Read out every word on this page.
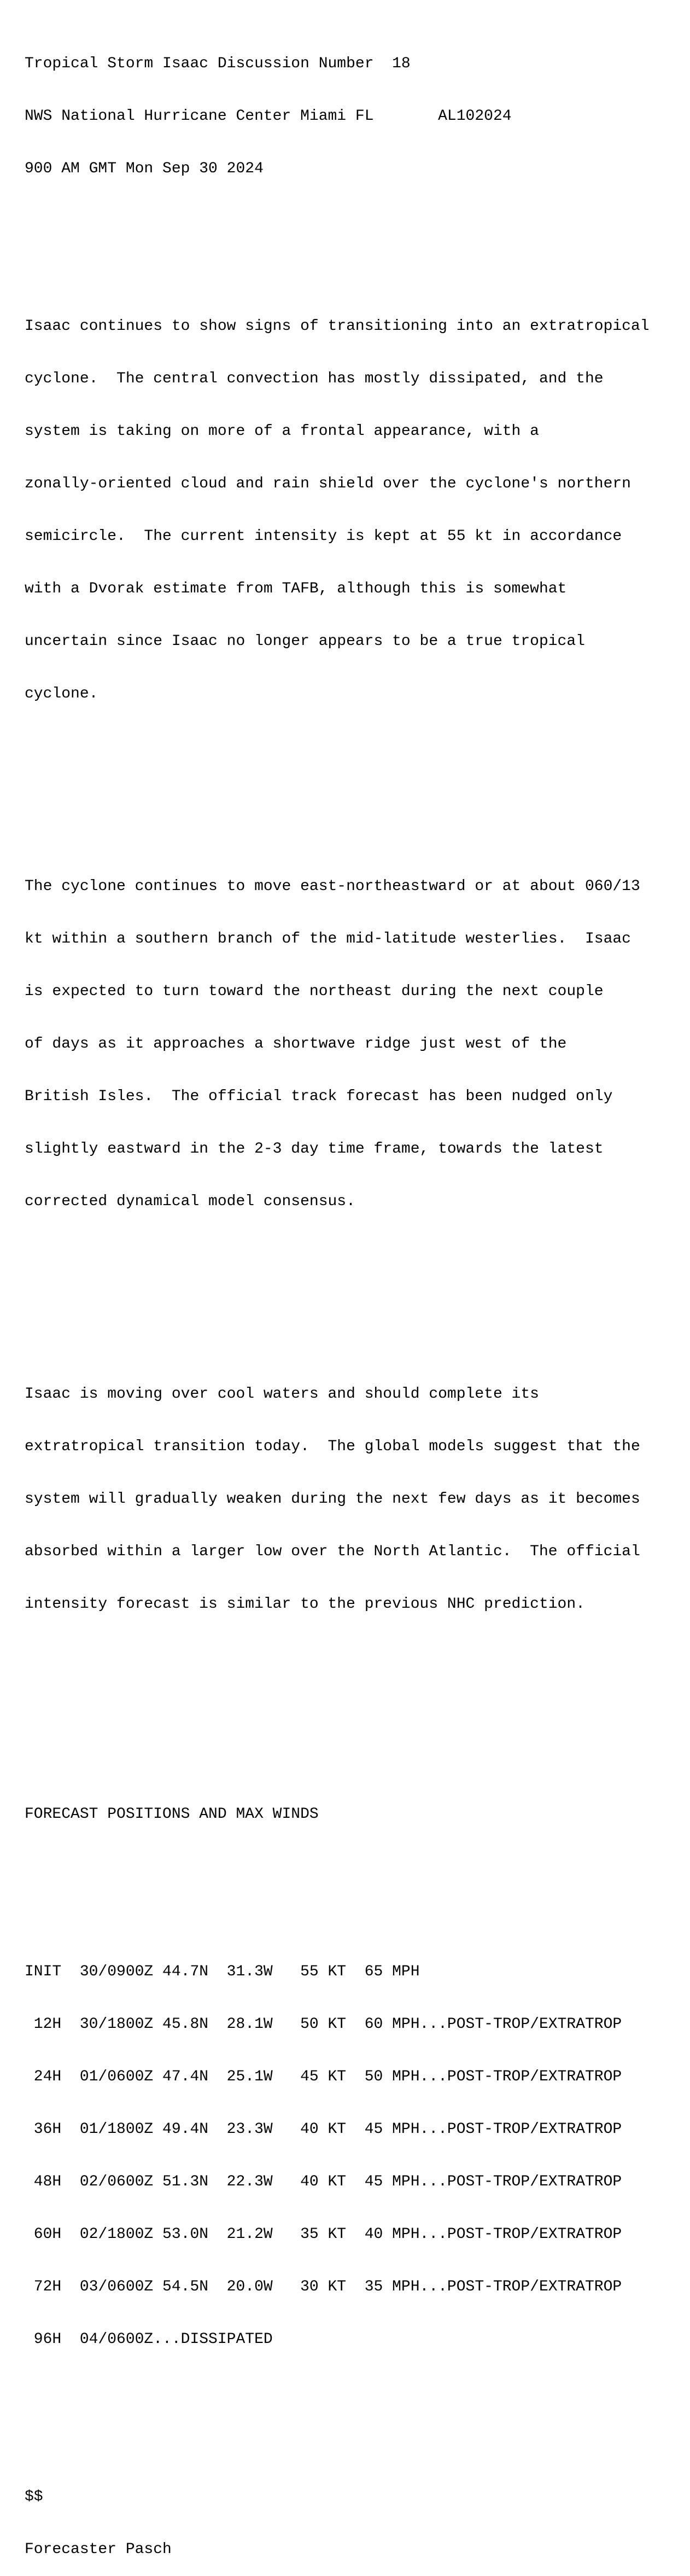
Tropical Storm Isaac Discussion Number  18

NWS National Hurricane Center Miami FL       AL102024

900 AM GMT Mon Sep 30 2024

Isaac continues to show signs of transitioning into an extratropical

cyclone.  The central convection has mostly dissipated, and the

system is taking on more of a frontal appearance, with a

zonally-oriented cloud and rain shield over the cyclone's northern

semicircle.  The current intensity is kept at 55 kt in accordance

with a Dvorak estimate from TAFB, although this is somewhat

uncertain since Isaac no longer appears to be a true tropical

cyclone.

The cyclone continues to move east-northeastward or at about 060/13

kt within a southern branch of the mid-latitude westerlies.  Isaac

is expected to turn toward the northeast during the next couple

of days as it approaches a shortwave ridge just west of the

British Isles.  The official track forecast has been nudged only

slightly eastward in the 2-3 day time frame, towards the latest

corrected dynamical model consensus.

Isaac is moving over cool waters and should complete its

extratropical transition today.  The global models suggest that the

system will gradually weaken during the next few days as it becomes

absorbed within a larger low over the North Atlantic.  The official

intensity forecast is similar to the previous NHC prediction.

FORECAST POSITIONS AND MAX WINDS

INIT  30/0900Z 44.7N  31.3W   55 KT  65 MPH

12H  30/1800Z 45.8N  28.1W   50 KT  60 MPH...POST-TROP/EXTRATROP

24H  01/0600Z 47.4N  25.1W   45 KT  50 MPH...POST-TROP/EXTRATROP

36H  01/1800Z 49.4N  23.3W   40 KT  45 MPH...POST-TROP/EXTRATROP

48H  02/0600Z 51.3N  22.3W   40 KT  45 MPH...POST-TROP/EXTRATROP

60H  02/1800Z 53.0N  21.2W   35 KT  40 MPH...POST-TROP/EXTRATROP

72H  03/0600Z 54.5N  20.0W   30 KT  35 MPH...POST-TROP/EXTRATROP

96H  04/0600Z...DISSIPATED

$$

Forecaster Pasch
